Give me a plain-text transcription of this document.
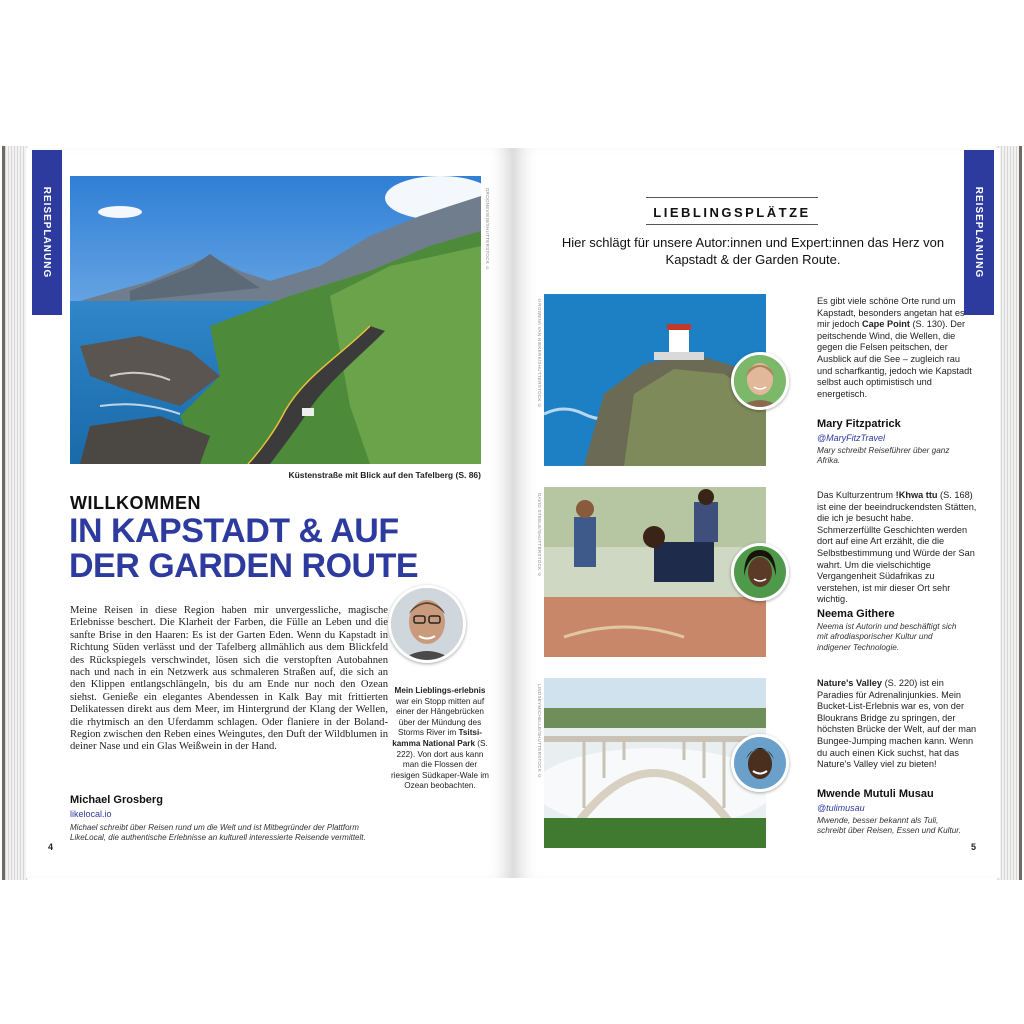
REISEPLANUNG	DROONEVIEW/SHUTTERSTOCK ©
Küstenstraße mit Blick auf den Tafelberg (S. 86)
WILLKOMMEN
IN KAPSTADT & AUF
DER GARDEN ROUTE
Meine Reisen in diese Region haben mir unvergessliche, magische Erlebnisse beschert. Die Klarheit der Farben, die Fülle an Leben und die sanfte Brise in den Haaren: Es ist der Garten Eden. Wenn du Kapstadt in Richtung Süden verlässt und der Tafelberg allmählich aus dem Blickfeld des Rückspiegels verschwindet, lösen sich die verstopften Autobahnen nach und nach in ein Netzwerk aus schmaleren Straßen auf, die sich an den Klippen entlangschlängeln, bis du am Ende nur noch den Ozean siehst. Genieße ein elegantes Abendessen in Kalk Bay mit frittierten Delikatessen direkt aus dem Meer, im Hintergrund der Klang der Wellen, die rhytmisch an den Uferdamm schlagen. Oder flaniere in der Boland-Region zwischen den Reben eines Weingutes, den Duft der Wildblumen in deiner Nase und ein Glas Weißwein in der Hand.
Mein Lieblings-erlebnis war ein Stopp mitten auf einer der Hängebrücken über der Mündung des Storms River im Tsitsi-kamma National Park (S. 222). Von dort aus kann man die Flossen der riesigen Südkaper-Wale im Ozean beobachten.
Michael Grosberg
likelocal.io
Michael schreibt über Reisen rund um die Welt und ist Mitbegründer der Plattform LikeLocal, die authentische Erlebnisse an kulturell interessierte Reisende vermittelt.
4
REISEPLANUNG
LIEBLINGSPLÄTZE
Hier schlägt für unsere Autor:innen und Expert:innen das Herz von Kapstadt & der Garden Route.
©ROWENA VAN NIEKERK/SHUTTERSTOCK ©	Es gibt viele schöne Orte rund um Kapstadt, besonders angetan hat es mir jedoch Cape Point (S. 130). Der peitschende Wind, die Wellen, die gegen die Felsen peitschen, der Ausblick auf die See – zugleich rau und scharfkantig, jedoch wie Kapstadt selbst auch optimistisch und energetisch.
Mary Fitzpatrick
@MaryFitzTravel
Mary schreibt Reiseführer über ganz Afrika.
DAVID STEELE/SHUTTERSTOCK ©	Das Kulturzentrum !Khwa ttu (S. 168) ist eine der beeindruckendsten Stätten, die ich je besucht habe. Schmerzerfüllte Geschichten werden dort auf eine Art erzählt, die die Selbstbestimmung und Würde der San wahrt. Um die vielschichtige Vergangenheit Südafrikas zu verstehen, ist mir dieser Ort sehr wichtig.
Neema Githere
Neema ist Autorin und beschäftigt sich mit afrodiasporischer Kultur und indigener Technologie.
LINDSEYMICHELLE/SHUTTERSTOCK ©
Nature's Valley (S. 220) ist ein Paradies für Adrenalinjunkies. Mein Bucket-List-Erlebnis war es, von der Bloukrans Bridge zu springen, der höchsten Brücke der Welt, auf der man Bungee-Jumping machen kann. Wenn du auch einen Kick suchst, hat das Nature's Valley viel zu bieten!
Mwende Mutuli Musau
@tulimusau
Mwende, besser bekannt als Tuli, schreibt über Reisen, Essen und Kultur.
5
